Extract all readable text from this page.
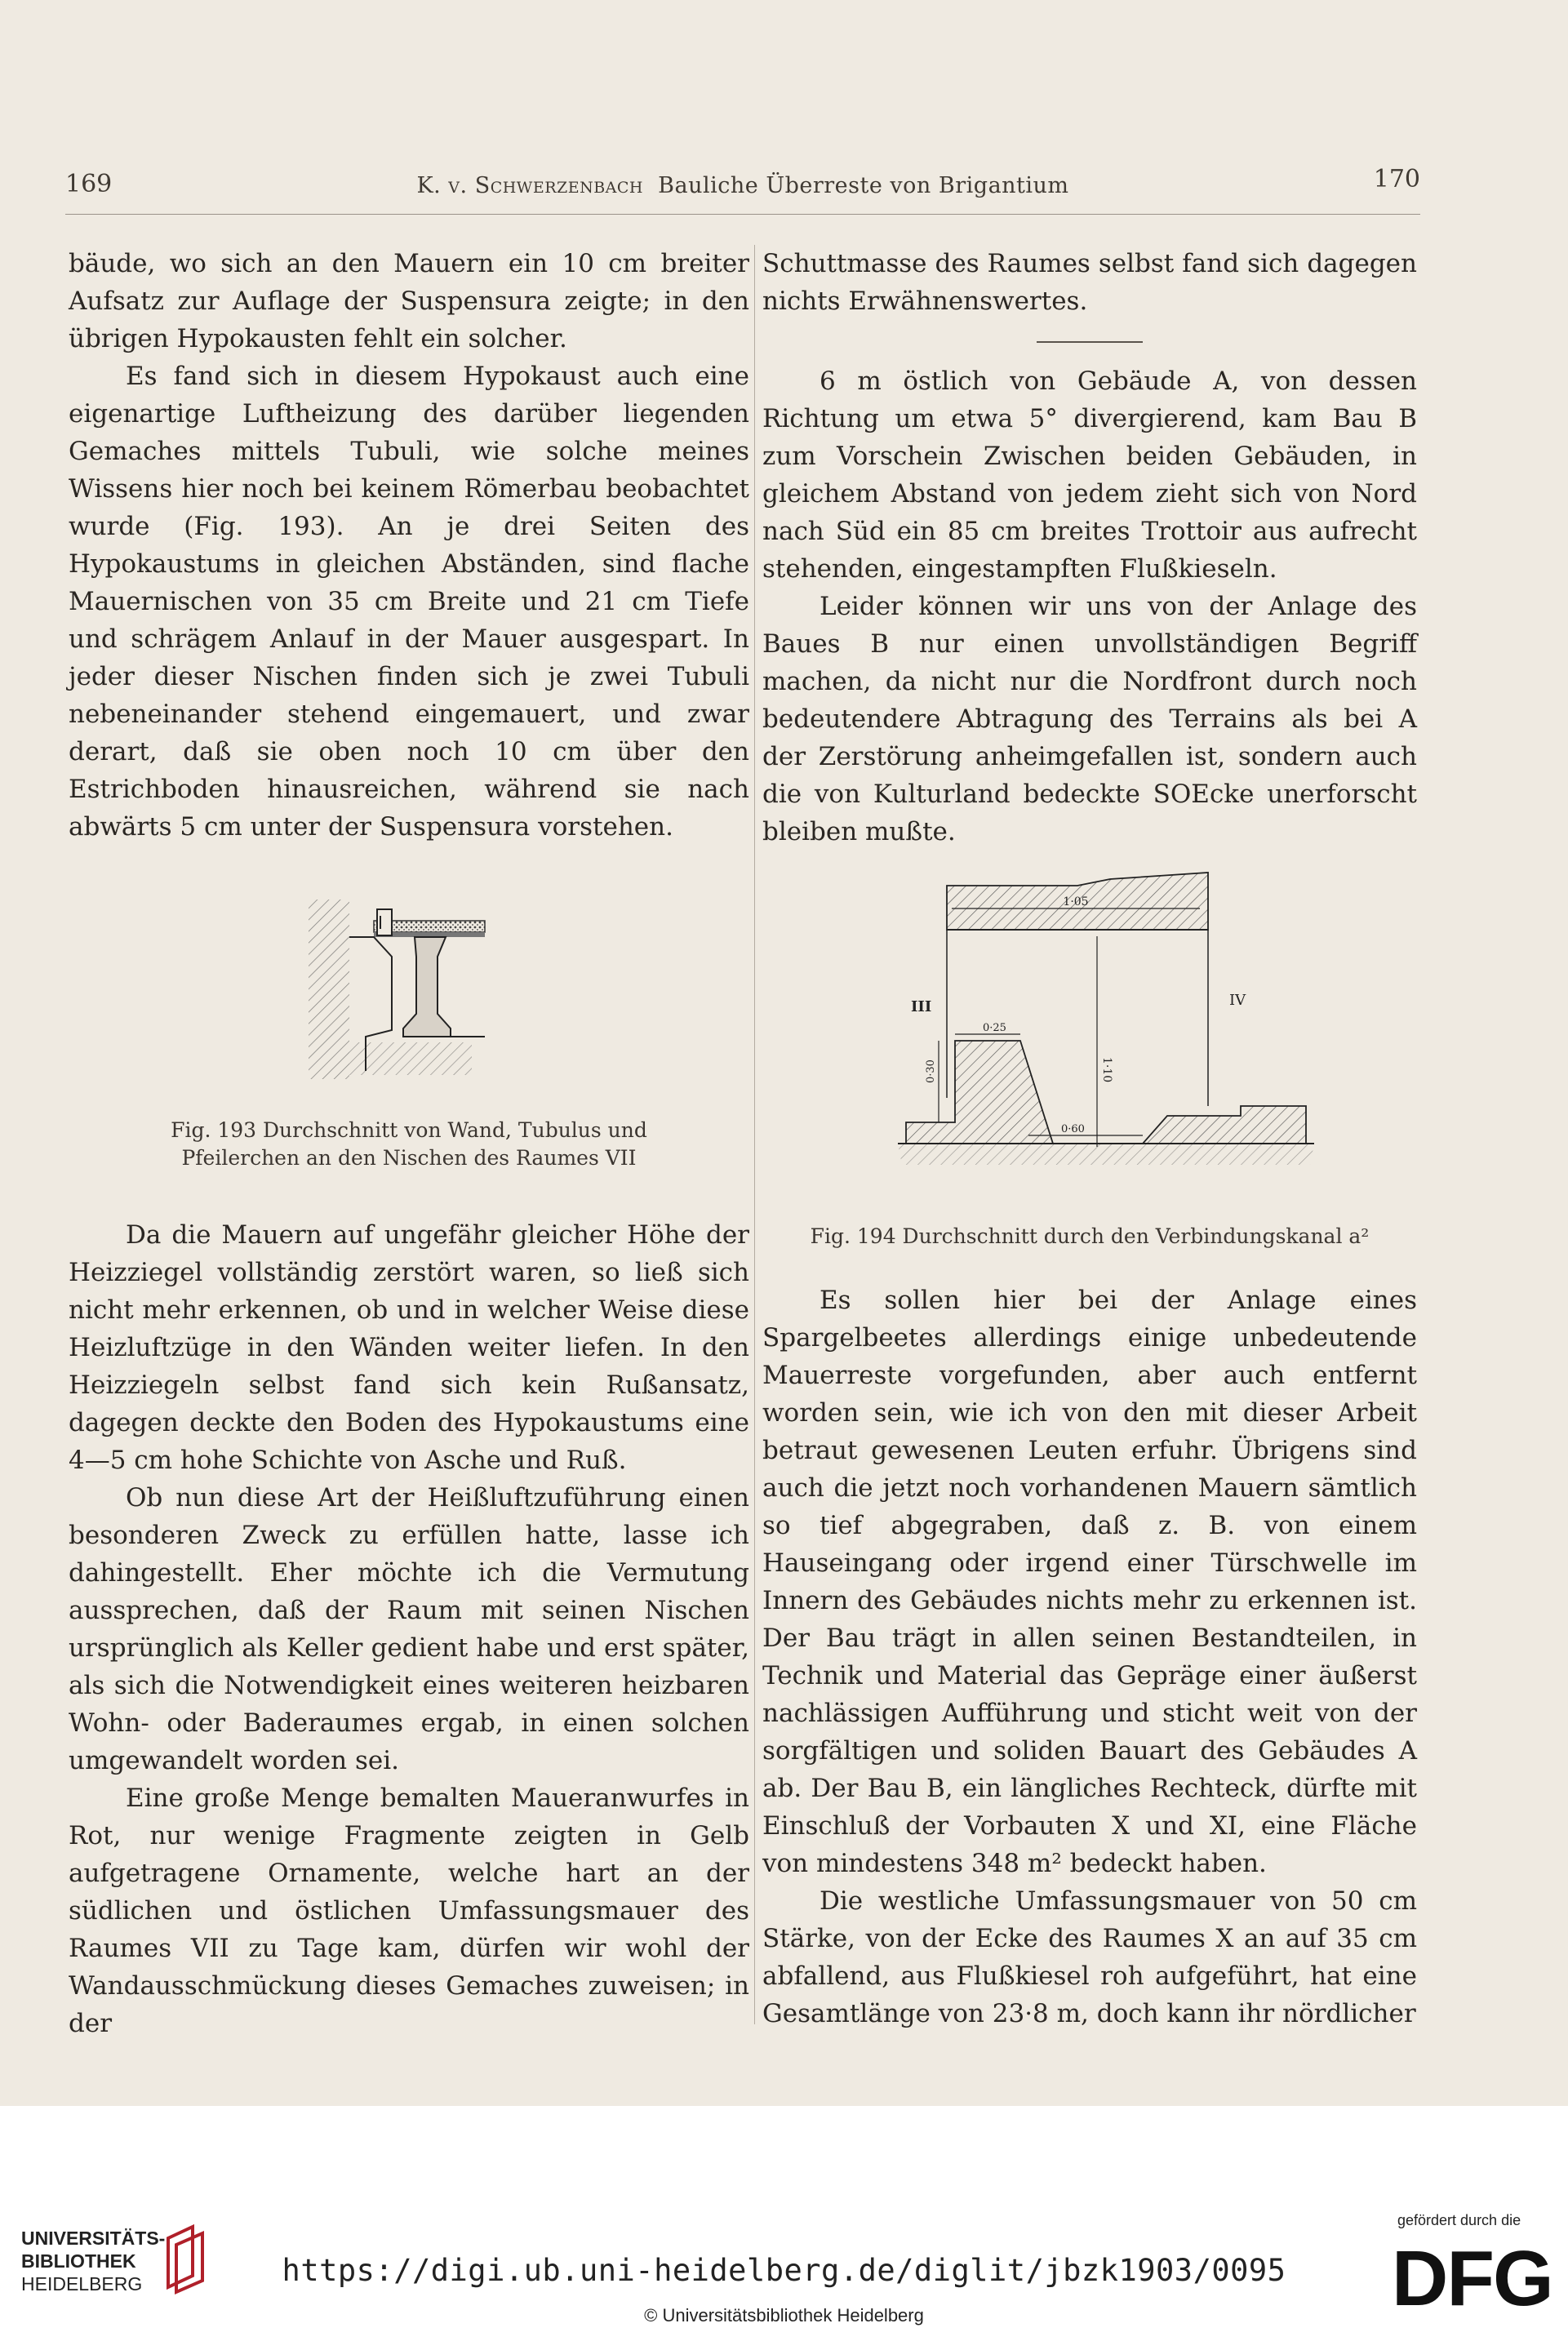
169	K. v. Schwerzenbach Bauliche Überreste von Brigantium	170

bäude, wo sich an den Mauern ein 10 cm breiter Aufsatz zur Auflage der Suspensura zeigte; in den übrigen Hypokausten fehlt ein solcher.

Es fand sich in diesem Hypokaust auch eine eigenartige Luftheizung des darüber liegenden Gemaches mittels Tubuli, wie solche meines Wissens hier noch bei keinem Römerbau beobachtet wurde (Fig. 193). An je drei Seiten des Hypokaustums in gleichen Abständen, sind flache Mauernischen von 35 cm Breite und 21 cm Tiefe und schrägem Anlauf in der Mauer ausgespart. In jeder dieser Nischen finden sich je zwei Tubuli nebeneinander stehend eingemauert, und zwar derart, daß sie oben noch 10 cm über den Estrichboden hinausreichen, während sie nach abwärts 5 cm unter der Suspensura vorstehen.

Fig. 193 Durchschnitt von Wand, Tubulus und
Pfeilerchen an den Nischen des Raumes VII

Da die Mauern auf ungefähr gleicher Höhe der Heizziegel vollständig zerstört waren, so ließ sich nicht mehr erkennen, ob und in welcher Weise diese Heizluftzüge in den Wänden weiter liefen. In den Heizziegeln selbst fand sich kein Rußansatz, dagegen deckte den Boden des Hypokaustums eine 4—5 cm hohe Schichte von Asche und Ruß.

Ob nun diese Art der Heißluftzuführung einen besonderen Zweck zu erfüllen hatte, lasse ich dahingestellt. Eher möchte ich die Vermutung aussprechen, daß der Raum mit seinen Nischen ursprünglich als Keller gedient habe und erst später, als sich die Notwendigkeit eines weiteren heizbaren Wohn- oder Baderaumes ergab, in einen solchen umgewandelt worden sei.

Eine große Menge bemalten Maueranwurfes in Rot, nur wenige Fragmente zeigten in Gelb aufgetragene Ornamente, welche hart an der südlichen und östlichen Umfassungsmauer des Raumes VII zu Tage kam, dürfen wir wohl der Wandausschmückung dieses Gemaches zuweisen; in der

Schuttmasse des Raumes selbst fand sich dagegen nichts Erwähnenswertes.

6 m östlich von Gebäude A, von dessen Richtung um etwa 5° divergierend, kam Bau B zum Vorschein Zwischen beiden Gebäuden, in gleichem Abstand von jedem zieht sich von Nord nach Süd ein 85 cm breites Trottoir aus aufrecht stehenden, eingestampften Flußkieseln.

Leider können wir uns von der Anlage des Baues B nur einen unvollständigen Begriff machen, da nicht nur die Nordfront durch noch bedeutendere Abtragung des Terrains als bei A der Zerstörung anheimgefallen ist, sondern auch die von Kulturland bedeckte SOEcke unerforscht bleiben mußte.

1·05
1·10
0·25
0·30
0·60
III	IV
Fig. 194 Durchschnitt durch den Verbindungskanal a²

Es sollen hier bei der Anlage eines Spargelbeetes allerdings einige unbedeutende Mauerreste vorgefunden, aber auch entfernt worden sein, wie ich von den mit dieser Arbeit betraut gewesenen Leuten erfuhr. Übrigens sind auch die jetzt noch vorhandenen Mauern sämtlich so tief abgegraben, daß z. B. von einem Hauseingang oder irgend einer Türschwelle im Innern des Gebäudes nichts mehr zu erkennen ist. Der Bau trägt in allen seinen Bestandteilen, in Technik und Material das Gepräge einer äußerst nachlässigen Aufführung und sticht weit von der sorgfältigen und soliden Bauart des Gebäudes A ab. Der Bau B, ein längliches Rechteck, dürfte mit Einschluß der Vorbauten X und XI, eine Fläche von mindestens 348 m² bedeckt haben.

Die westliche Umfassungsmauer von 50 cm Stärke, von der Ecke des Raumes X an auf 35 cm abfallend, aus Flußkiesel roh aufgeführt, hat eine Gesamtlänge von 23·8 m, doch kann ihr nördlicher

UNIVERSITÄTS-
BIBLIOTHEK
HEIDELBERG	https://digi.ub.uni-heidelberg.de/diglit/jbzk1903/0095
© Universitätsbibliothek Heidelberg
gefördert durch die
DFG
